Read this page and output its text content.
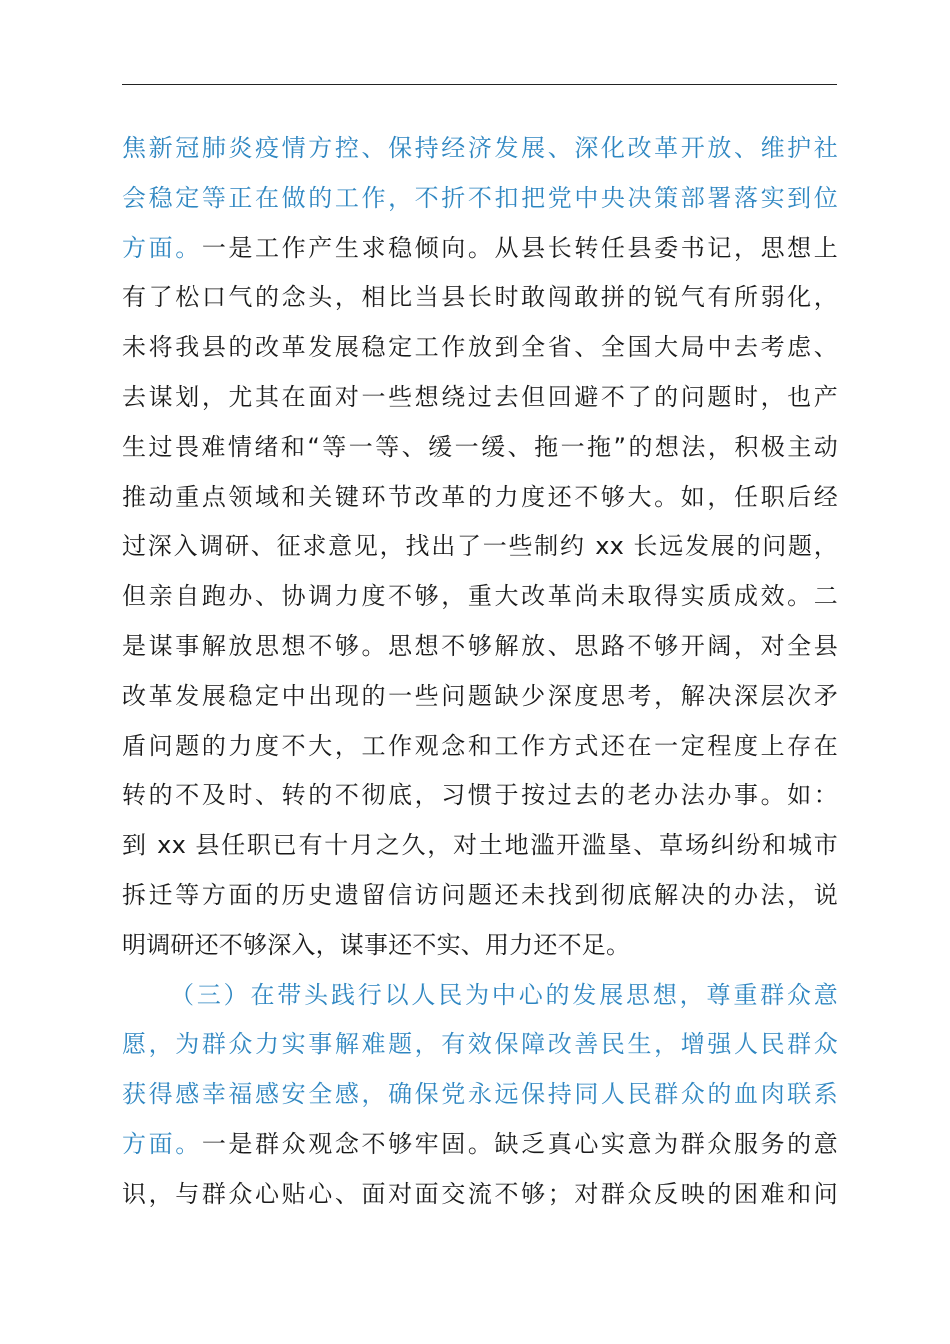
焦新冠肺炎疫情方控、保持经济发展、深化改革开放、维护社
会稳定等正在做的工作，不折不扣把党中央决策部署落实到位
方面。一是工作产生求稳倾向。从县长转任县委书记，思想上
有了松口气的念头，相比当县长时敢闯敢拼的锐气有所弱化，
未将我县的改革发展稳定工作放到全省、全国大局中去考虑、
去谋划，尤其在面对一些想绕过去但回避不了的问题时，也产
生过畏难情绪和“等一等、缓一缓、拖一拖”的想法，积极主动
推动重点领域和关键环节改革的力度还不够大。如，任职后经
过深入调研、征求意见，找出了一些制约 xx 长远发展的问题，
但亲自跑办、协调力度不够，重大改革尚未取得实质成效。二
是谋事解放思想不够。思想不够解放、思路不够开阔，对全县
改革发展稳定中出现的一些问题缺少深度思考，解决深层次矛
盾问题的力度不大，工作观念和工作方式还在一定程度上存在
转的不及时、转的不彻底，习惯于按过去的老办法办事。如：
到 xx 县任职已有十月之久，对土地滥开滥垦、草场纠纷和城市
拆迁等方面的历史遗留信访问题还未找到彻底解决的办法，说
明调研还不够深入，谋事还不实、用力还不足。
（三）在带头践行以人民为中心的发展思想，尊重群众意
愿，为群众力实事解难题，有效保障改善民生，增强人民群众
获得感幸福感安全感，确保党永远保持同人民群众的血肉联系
方面。一是群众观念不够牢固。缺乏真心实意为群众服务的意
识，与群众心贴心、面对面交流不够；对群众反映的困难和问
